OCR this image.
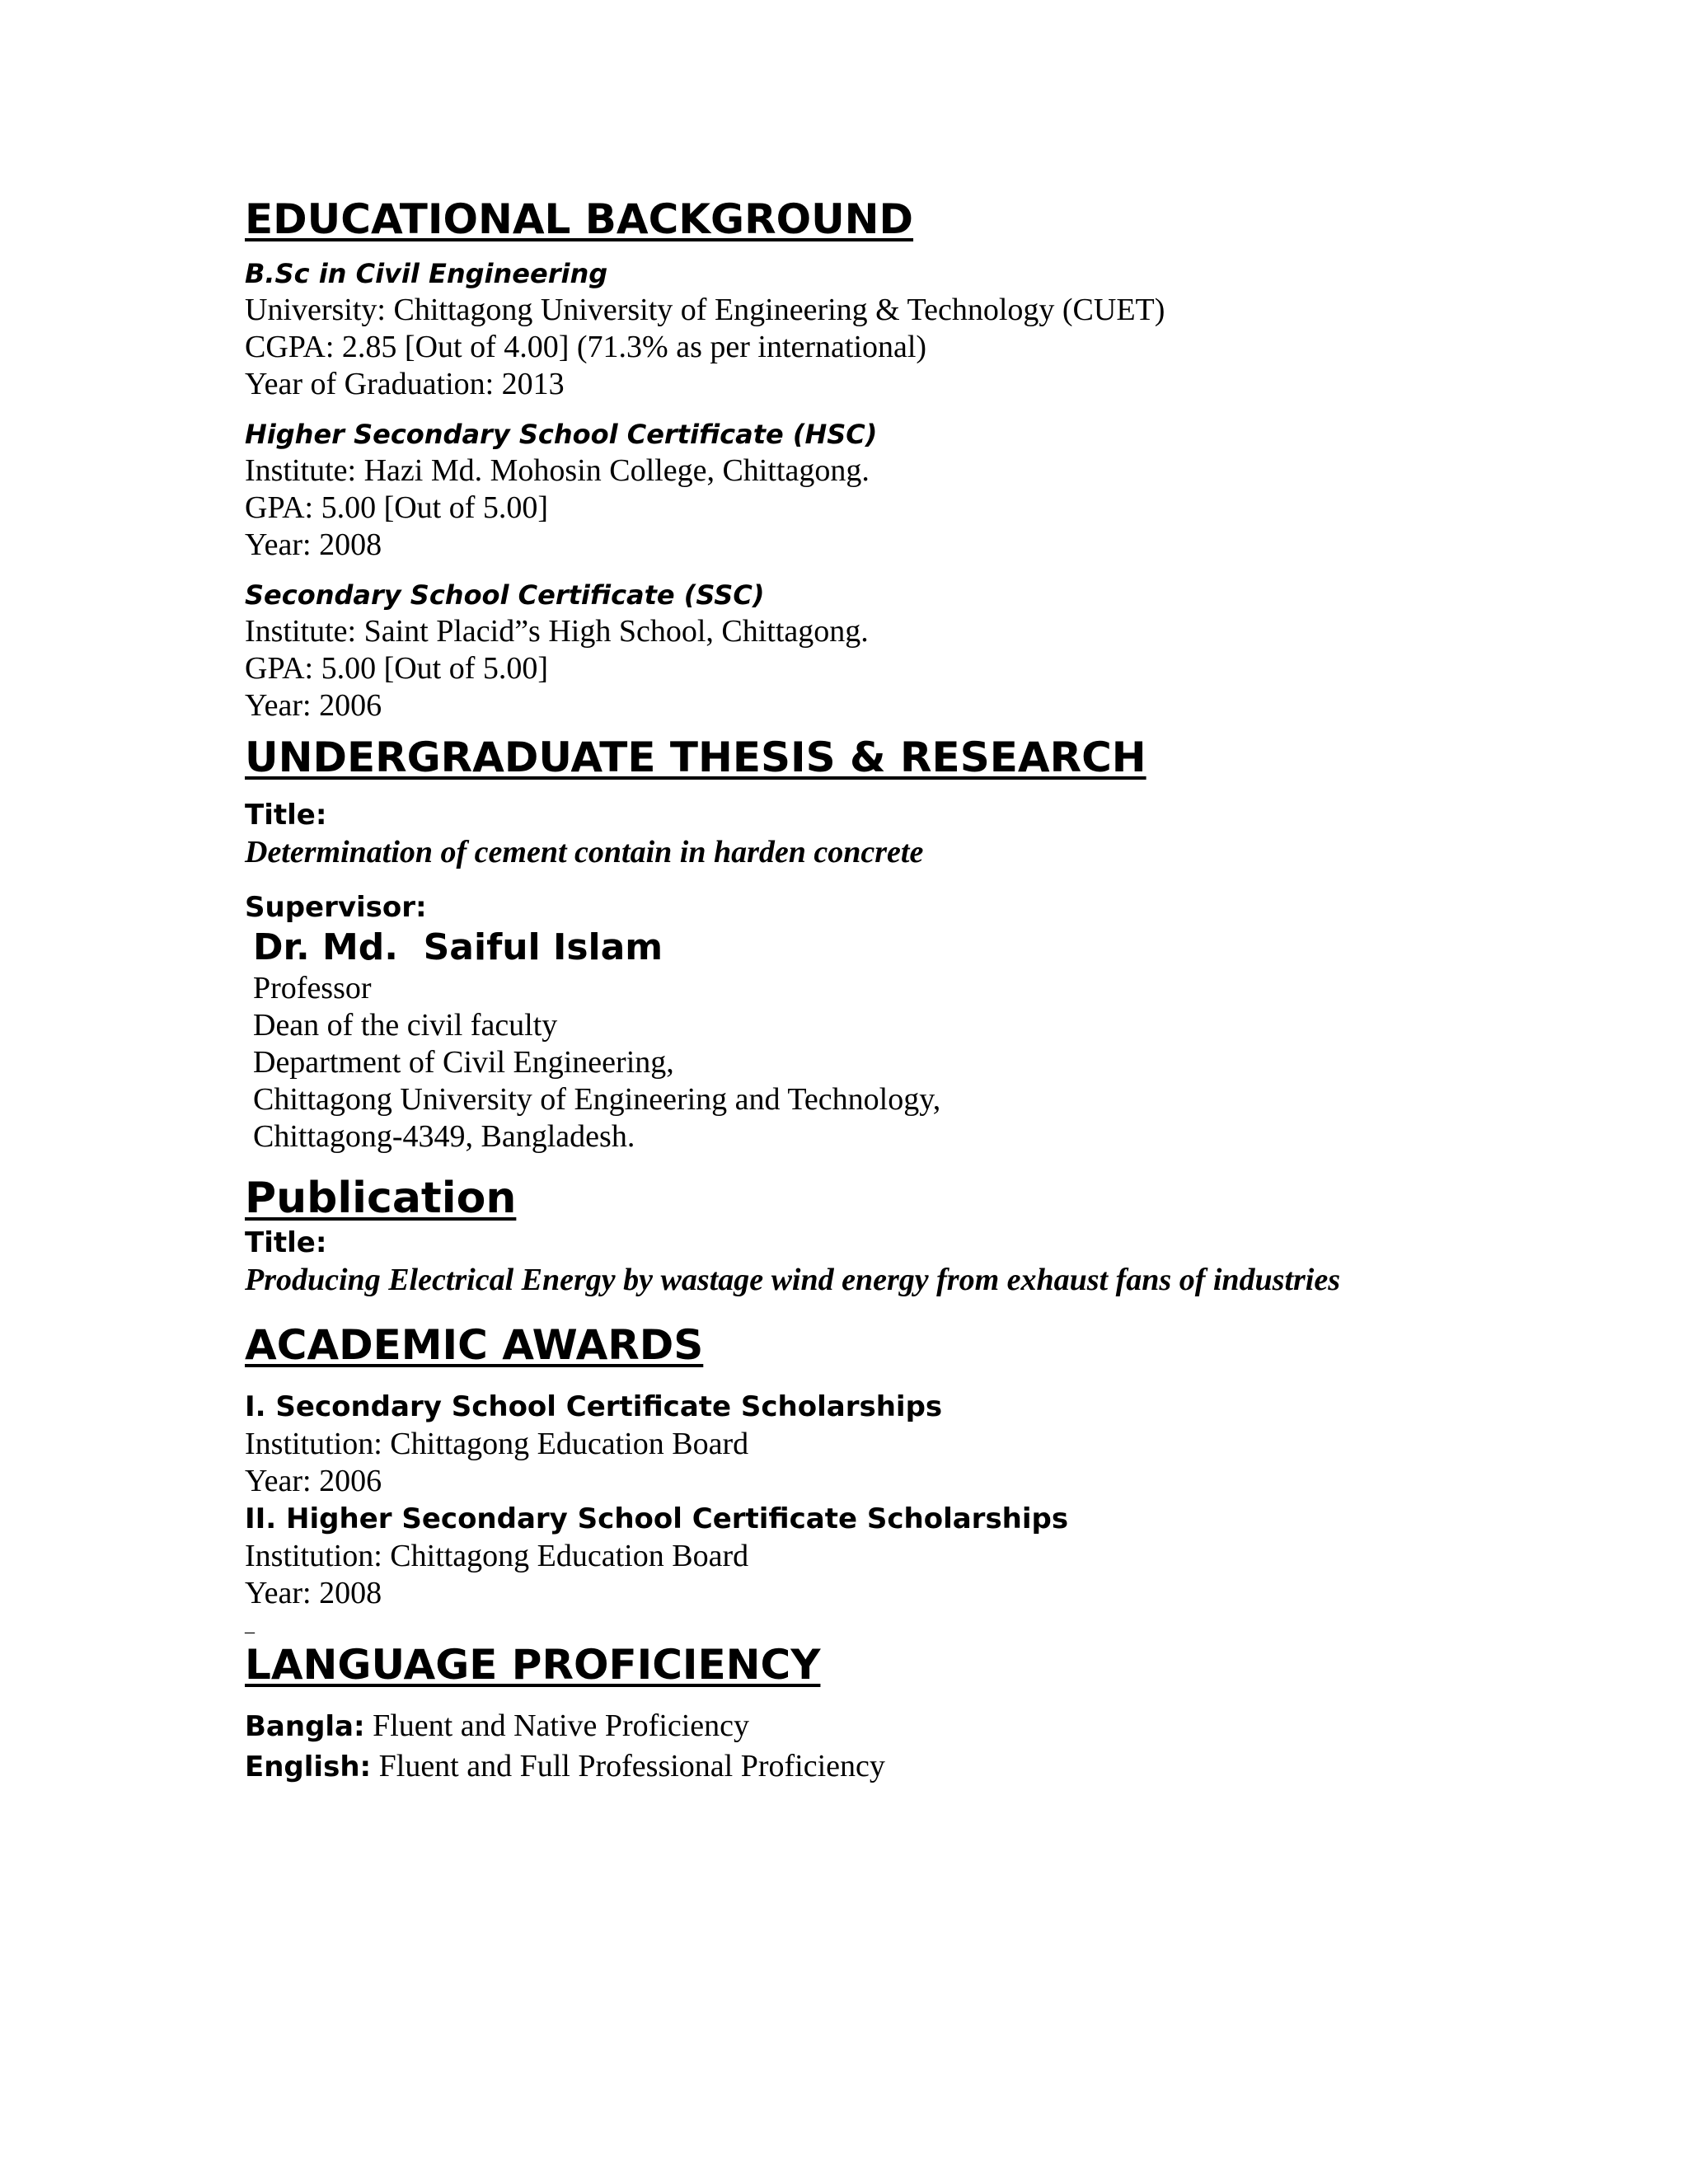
EDUCATIONAL BACKGROUND
B.Sc in Civil Engineering
University: Chittagong University of Engineering & Technology (CUET)
CGPA: 2.85 [Out of 4.00] (71.3% as per international)
Year of Graduation: 2013
Higher Secondary School Certificate (HSC)
Institute: Hazi Md. Mohosin College, Chittagong.
GPA: 5.00 [Out of 5.00]
Year: 2008
Secondary School Certificate (SSC)
Institute: Saint Placid”s High School, Chittagong.
GPA: 5.00 [Out of 5.00]
Year: 2006
UNDERGRADUATE THESIS & RESEARCH
Title:
Determination of cement contain in harden concrete
Supervisor:
Dr. Md.  Saiful Islam
Professor
Dean of the civil faculty
Department of Civil Engineering,
Chittagong University of Engineering and Technology,
Chittagong-4349, Bangladesh.
Publication
Title:
Producing Electrical Energy by wastage wind energy from exhaust fans of industries
ACADEMIC AWARDS
I. Secondary School Certificate Scholarships
Institution: Chittagong Education Board
Year: 2006
II. Higher Secondary School Certificate Scholarships
Institution: Chittagong Education Board
Year: 2008
–
LANGUAGE PROFICIENCY
Bangla: Fluent and Native Proficiency
English: Fluent and Full Professional Proficiency
